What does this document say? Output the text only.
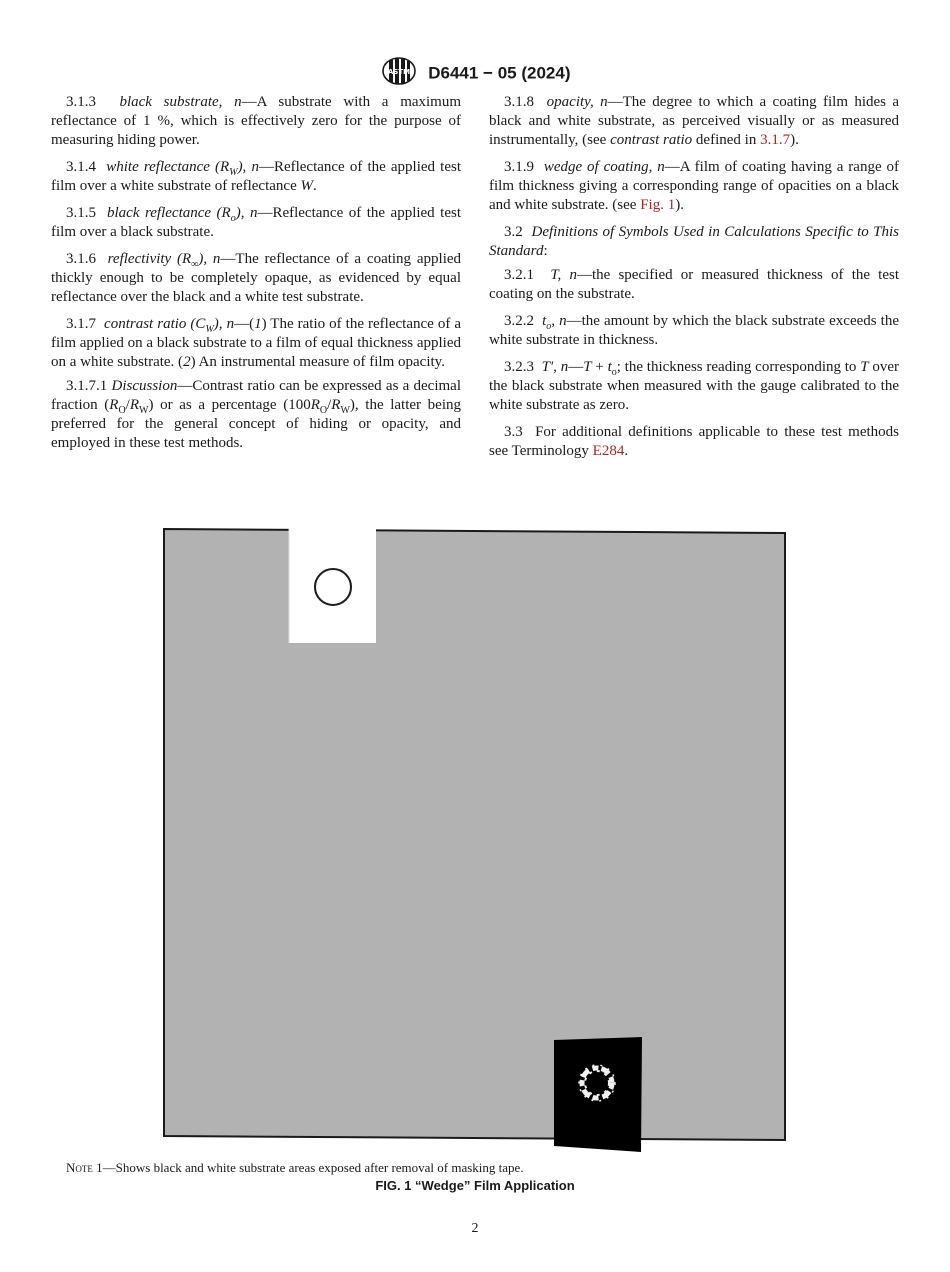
ASTM D6441 − 05 (2024)

3.1.3 black substrate, n—A substrate with a maximum reflectance of 1 %, which is effectively zero for the purpose of measuring hiding power.

3.1.4 white reflectance $(R_W)$, n—Reflectance of the applied test film over a white substrate of reflectance W.

3.1.5 black reflectance $(R_o)$, n—Reflectance of the applied test film over a black substrate.

3.1.6 reflectivity $(R_\infty)$, n—The reflectance of a coating applied thickly enough to be completely opaque, as evidenced by equal reflectance over the black and a white test substrate.

3.1.7 contrast ratio $(C_W)$, n—(1) The ratio of the reflectance of a film applied on a black substrate to a film of equal thickness applied on a white substrate. (2) An instrumental measure of film opacity.

3.1.7.1 Discussion—Contrast ratio can be expressed as a decimal fraction $(R_O/R_W)$ or as a percentage $(100R_O/R_W)$, the latter being preferred for the general concept of hiding or opacity, and employed in these test methods.

3.1.8 opacity, n—The degree to which a coating film hides a black and white substrate, as perceived visually or as measured instrumentally, (see contrast ratio defined in 3.1.7).

3.1.9 wedge of coating, n—A film of coating having a range of film thickness giving a corresponding range of opacities on a black and white substrate. (see Fig. 1).

3.2 Definitions of Symbols Used in Calculations Specific to This Standard:

3.2.1 T, n—the specified or measured thickness of the test coating on the substrate.

3.2.2 $t_o$, n—the amount by which the black substrate exceeds the white substrate in thickness.

3.2.3 T', n—T + $t_o$; the thickness reading corresponding to T over the black substrate when measured with the gauge calibrated to the white substrate as zero.

3.3 For additional definitions applicable to these test methods see Terminology E284.

Note 1—Shows black and white substrate areas exposed after removal of masking tape.
FIG. 1 “Wedge” Film Application
2
